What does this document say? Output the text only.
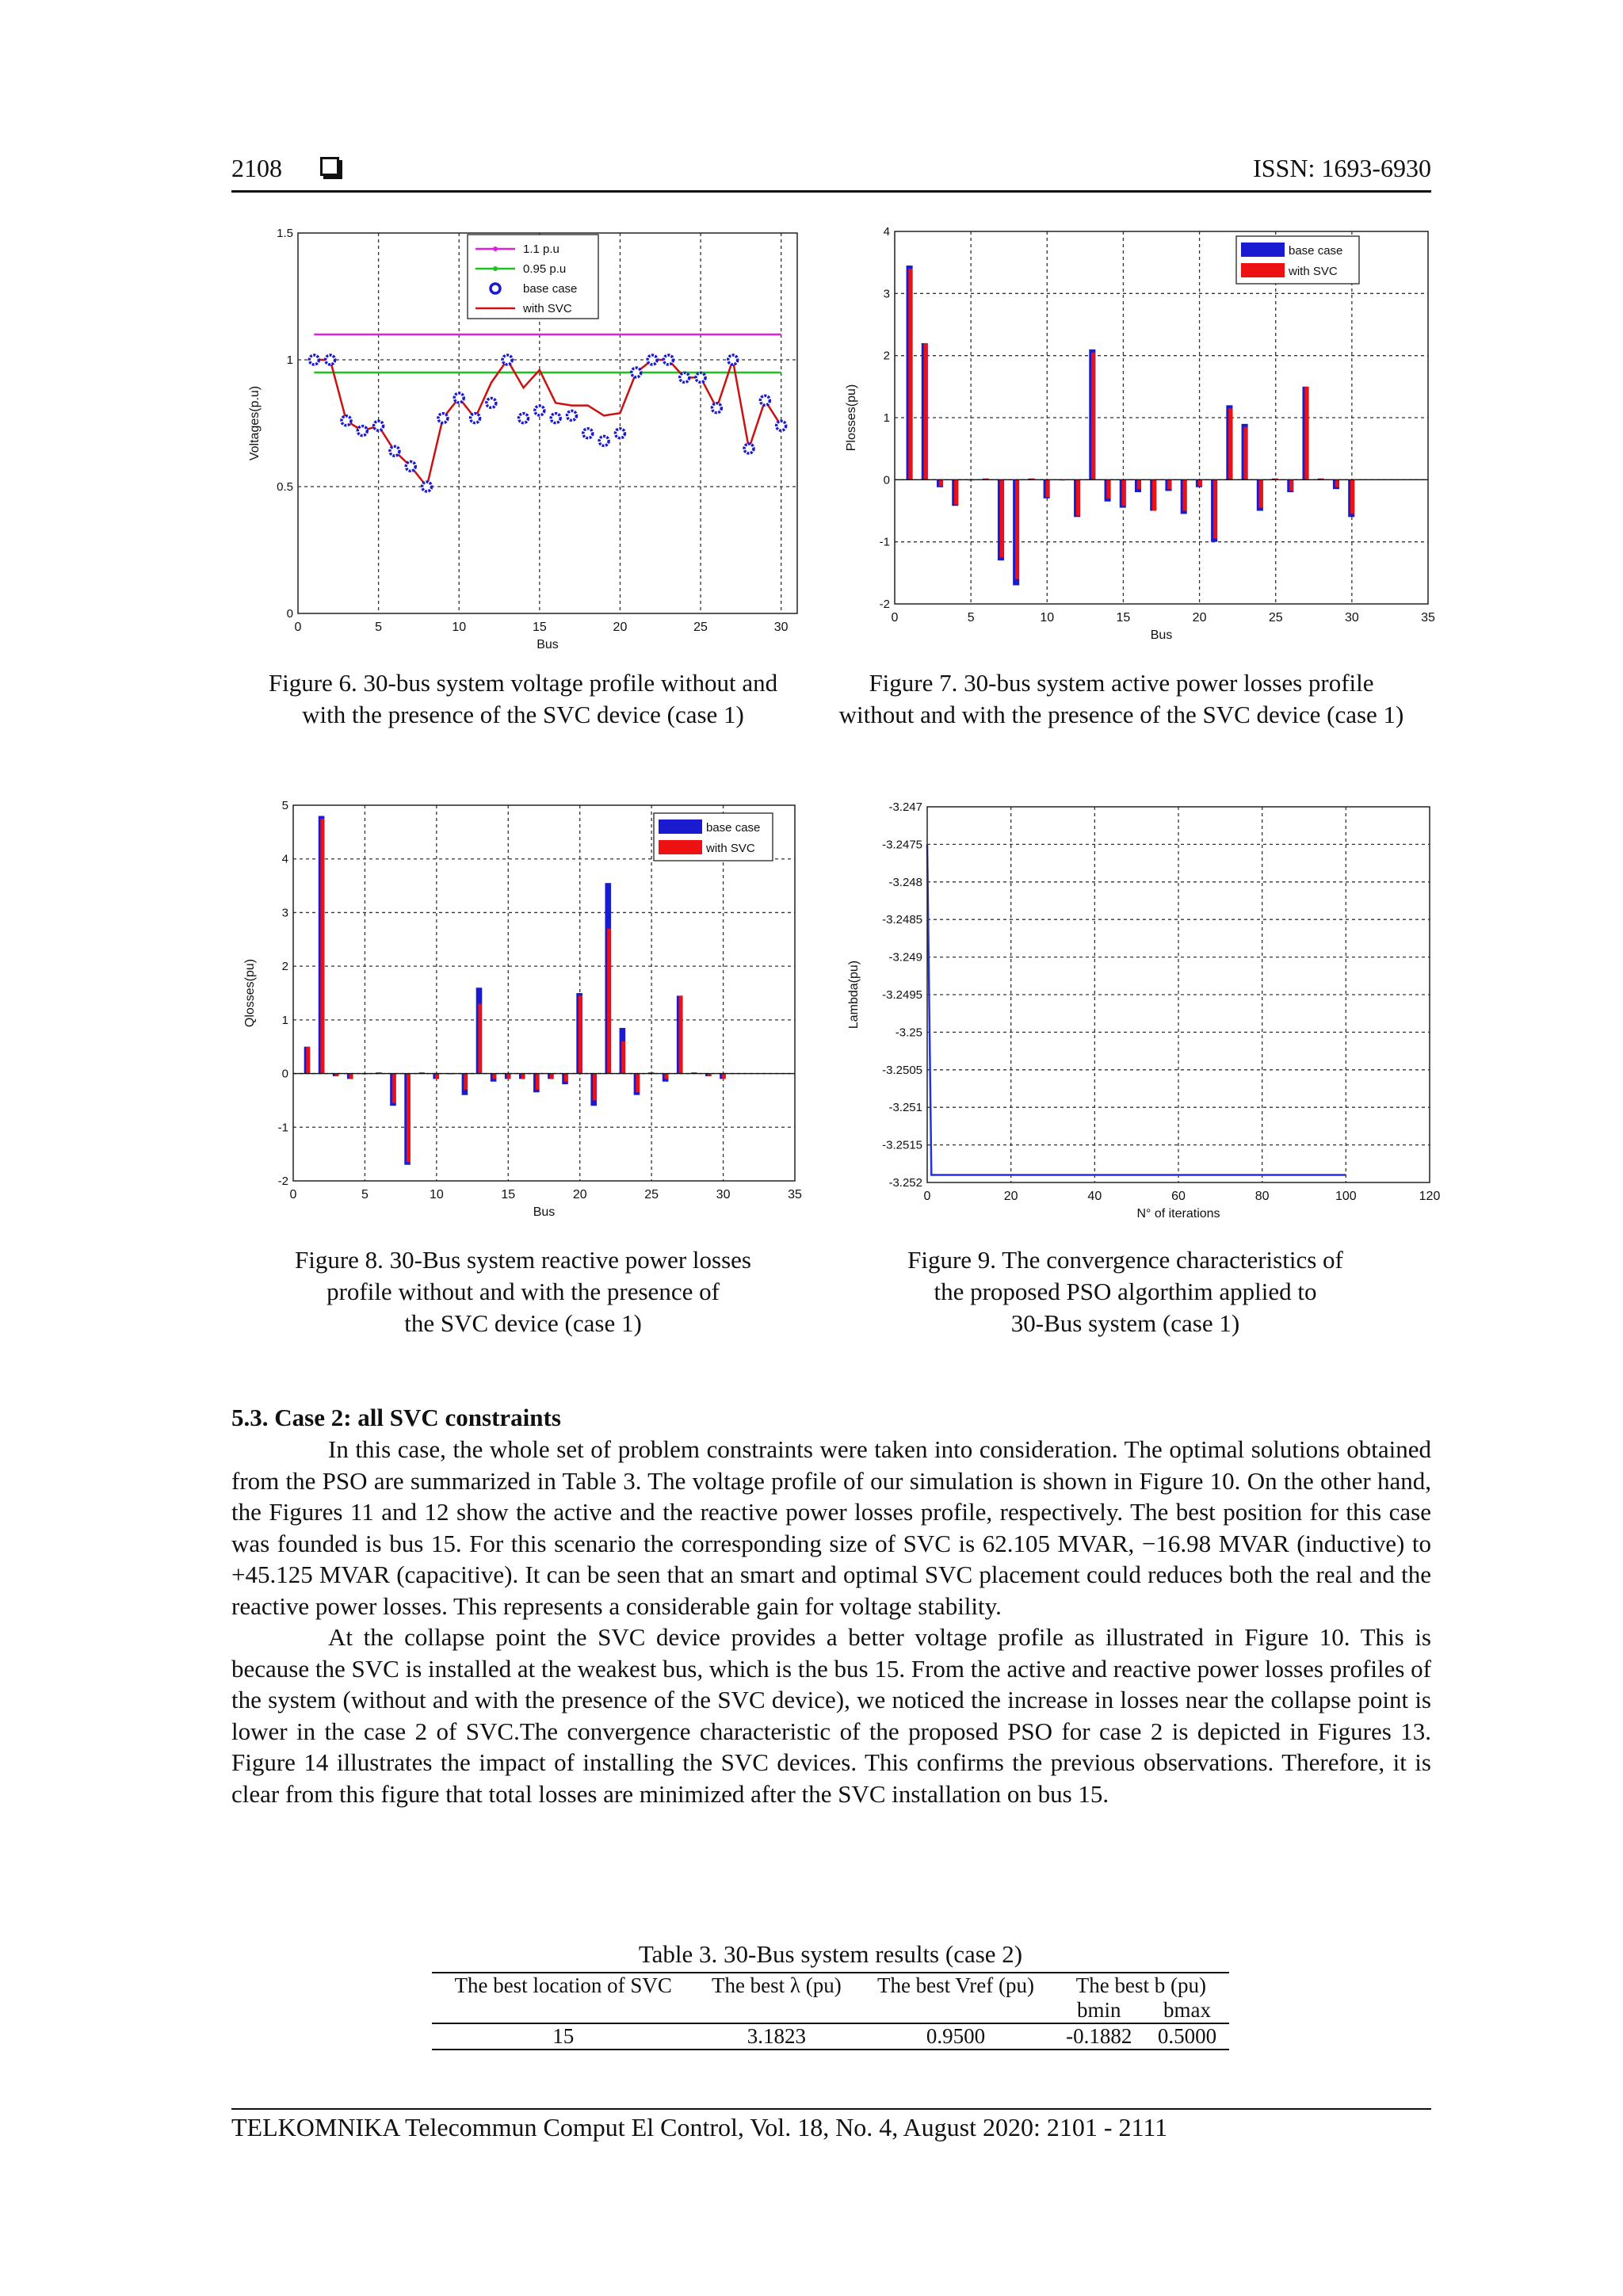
2108	ISSN: 1693-6930
0	5	10	15	20	25	30
0
0.5
1
1.5
Bus
Voltages(p.u)
1.1 p.u
0.95 p.u
base case
with SVC
0	5	10	15	20	25	30	35
-2
-1
0
1
2
3
4
Bus
Plosses(pu)
base case
with SVC
0	5	10	15	20	25	30	35
-2
-1
0
1
2
3
4
5
Bus
Qlosses(pu)
base case
with SVC
0	20	40	60	80	100	120
-3.252
-3.2515
-3.251
-3.2505
-3.25
-3.2495
-3.249
-3.2485
-3.248
-3.2475
-3.247
N° of iterations
Lambda(pu)
Figure 6. 30-bus system voltage profile without and
with the presence of the SVC device (case 1)
Figure 7. 30-bus system active power losses profile
without and with the presence of the SVC device (case 1)
Figure 8. 30-Bus system reactive power losses
profile without and with the presence of
the SVC device (case 1)
Figure 9. The convergence characteristics of
the proposed PSO algorthim applied to
30-Bus system (case 1)
5.3. Case 2: all SVC constraints

In this case, the whole set of problem constraints were taken into consideration. The optimal solutions obtained from the PSO are summarized in Table 3. The voltage profile of our simulation is shown in Figure 10. On the other hand, the Figures 11 and 12 show the active and the reactive power losses profile, respectively. The best position for this case was founded is bus 15. For this scenario the corresponding size of SVC is 62.105 MVAR, −16.98 MVAR (inductive) to +45.125 MVAR (capacitive). It can be seen that an smart and optimal SVC placement could reduces both the real and the reactive power losses. This represents a considerable gain for voltage stability.

At the collapse point the SVC device provides a better voltage profile as illustrated in Figure 10. This is because the SVC is installed at the weakest bus, which is the bus 15. From the active and reactive power losses profiles of the system (without and with the presence of the SVC device), we noticed the increase in losses near the collapse point is lower in the case 2 of SVC.The convergence characteristic of the proposed PSO for case 2 is depicted in Figures 13. Figure 14 illustrates the impact of installing the SVC devices. This confirms the previous observations. Therefore, it is clear from this figure that total losses are minimized after the SVC installation on bus 15.

Table 3. 30-Bus system results (case 2)
The best location of SVC	The best λ (pu)	The best Vref (pu)	The best b (pu)	
			bmin	bmax
15	3.1823	0.9500	-0.1882	0.5000
TELKOMNIKA Telecommun Comput El Control, Vol. 18, No. 4, August 2020: 2101 - 2111
